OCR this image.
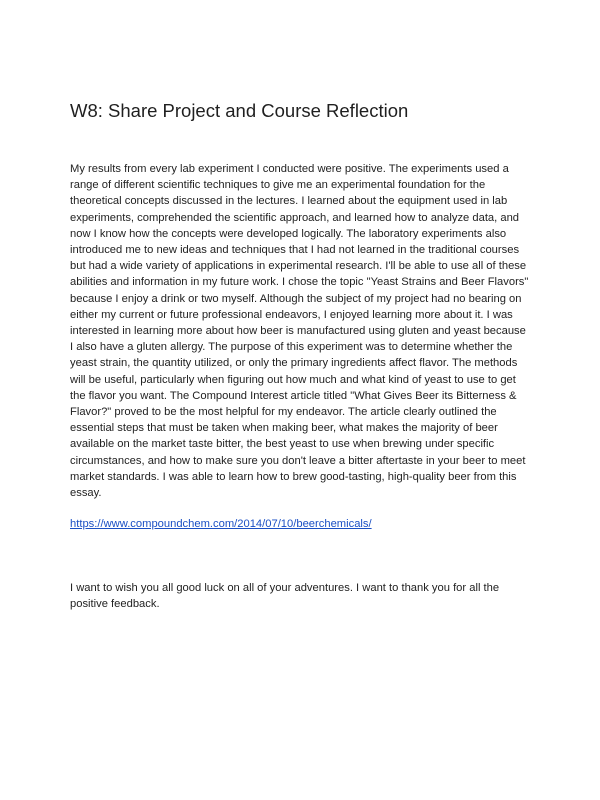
W8: Share Project and Course Reflection

My results from every lab experiment I conducted were positive. The experiments used a range of different scientific techniques to give me an experimental foundation for the theoretical concepts discussed in the lectures. I learned about the equipment used in lab experiments, comprehended the scientific approach, and learned how to analyze data, and now I know how the concepts were developed logically. The laboratory experiments also introduced me to new ideas and techniques that I had not learned in the traditional courses but had a wide variety of applications in experimental research. I'll be able to use all of these abilities and information in my future work. I chose the topic "Yeast Strains and Beer Flavors" because I enjoy a drink or two myself. Although the subject of my project had no bearing on either my current or future professional endeavors, I enjoyed learning more about it. I was interested in learning more about how beer is manufactured using gluten and yeast because I also have a gluten allergy. The purpose of this experiment was to determine whether the yeast strain, the quantity utilized, or only the primary ingredients affect flavor. The methods will be useful, particularly when figuring out how much and what kind of yeast to use to get the flavor you want. The Compound Interest article titled "What Gives Beer its Bitterness & Flavor?" proved to be the most helpful for my endeavor. The article clearly outlined the essential steps that must be taken when making beer, what makes the majority of beer available on the market taste bitter, the best yeast to use when brewing under specific circumstances, and how to make sure you don't leave a bitter aftertaste in your beer to meet market standards. I was able to learn how to brew good-tasting, high-quality beer from this essay.

https://www.compoundchem.com/2014/07/10/beerchemicals/

I want to wish you all good luck on all of your adventures. I want to thank you for all the positive feedback.
